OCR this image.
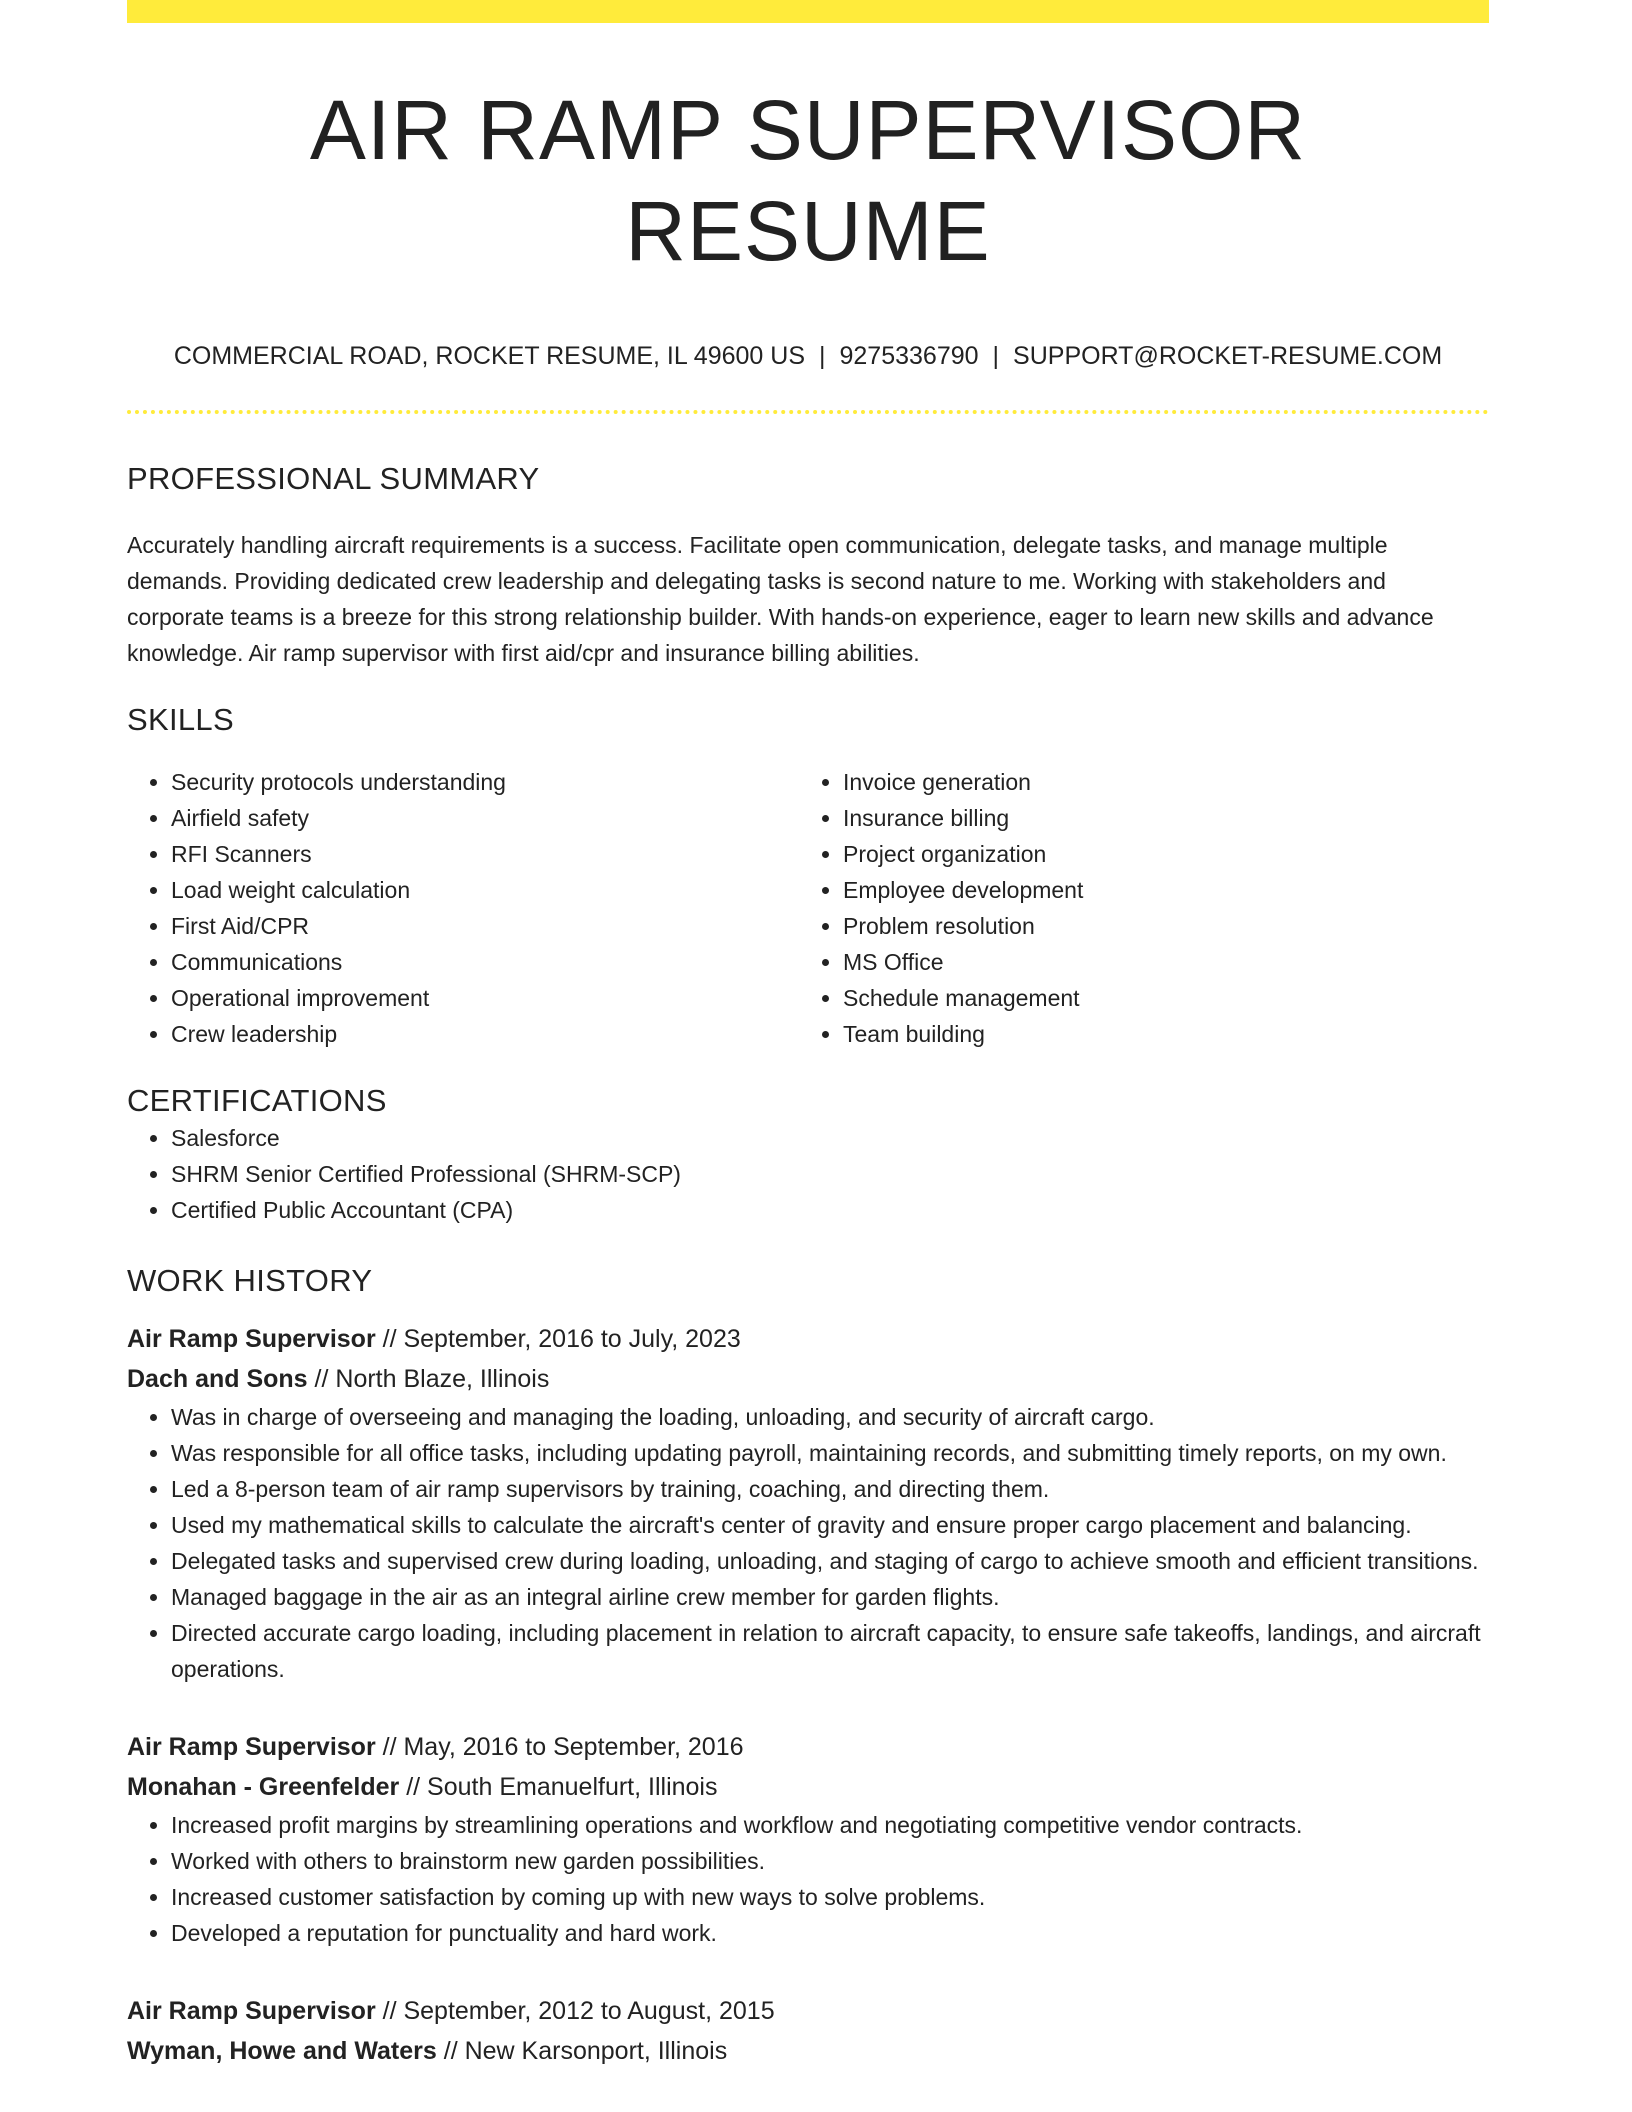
AIR RAMP SUPERVISOR RESUME
COMMERCIAL ROAD, ROCKET RESUME, IL 49600 US | 9275336790 | SUPPORT@ROCKET-RESUME.COM
PROFESSIONAL SUMMARY

Accurately handling aircraft requirements is a success. Facilitate open communication, delegate tasks, and manage multiple demands. Providing dedicated crew leadership and delegating tasks is second nature to me. Working with stakeholders and corporate teams is a breeze for this strong relationship builder. With hands-on experience, eager to learn new skills and advance knowledge. Air ramp supervisor with first aid/cpr and insurance billing abilities.

SKILLS
• Security protocols understanding
• Airfield safety
• RFI Scanners
• Load weight calculation
• First Aid/CPR
• Communications
• Operational improvement
• Crew leadership
• Invoice generation
• Insurance billing
• Project organization
• Employee development
• Problem resolution
• MS Office
• Schedule management
• Team building
CERTIFICATIONS
• Salesforce
• SHRM Senior Certified Professional (SHRM-SCP)
• Certified Public Accountant (CPA)
WORK HISTORY
Air Ramp Supervisor // September, 2016 to July, 2023
Dach and Sons // North Blaze, Illinois
• Was in charge of overseeing and managing the loading, unloading, and security of aircraft cargo.
• Was responsible for all office tasks, including updating payroll, maintaining records, and submitting timely reports, on my own.
• Led a 8-person team of air ramp supervisors by training, coaching, and directing them.
• Used my mathematical skills to calculate the aircraft's center of gravity and ensure proper cargo placement and balancing.
• Delegated tasks and supervised crew during loading, unloading, and staging of cargo to achieve smooth and efficient transitions.
• Managed baggage in the air as an integral airline crew member for garden flights.
• Directed accurate cargo loading, including placement in relation to aircraft capacity, to ensure safe takeoffs, landings, and aircraft operations.
Air Ramp Supervisor // May, 2016 to September, 2016
Monahan - Greenfelder // South Emanuelfurt, Illinois
• Increased profit margins by streamlining operations and workflow and negotiating competitive vendor contracts.
• Worked with others to brainstorm new garden possibilities.
• Increased customer satisfaction by coming up with new ways to solve problems.
• Developed a reputation for punctuality and hard work.
Air Ramp Supervisor // September, 2012 to August, 2015
Wyman, Howe and Waters // New Karsonport, Illinois
